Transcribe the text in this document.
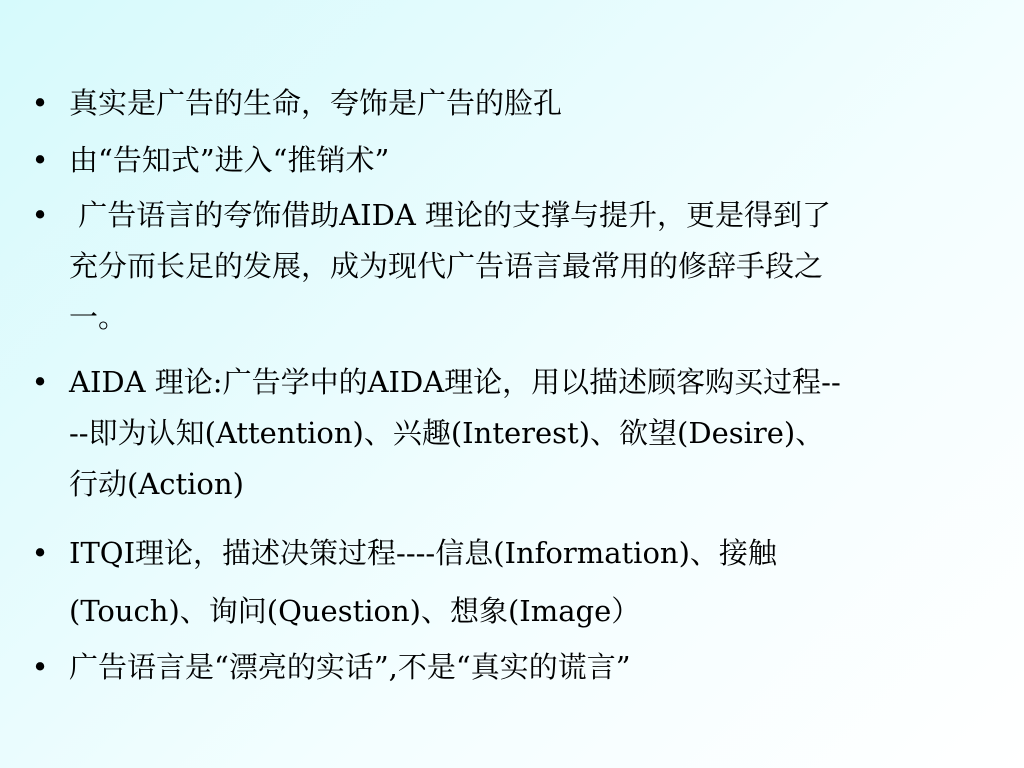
• 真实是广告的生命，夸饰是广告的脸孔
• 由“告知式”进入“推销术”
• 广告语言的夸饰借助AIDA 理论的支撑与提升，更是得到了
充分而长足的发展，成为现代广告语言最常用的修辞手段之
一。
• AIDA 理论:广告学中的AIDA理论，用以描述顾客购买过程--
--即为认知(Attention)、兴趣(Interest)、欲望(Desire)、
行动(Action)
• ITQI理论，描述决策过程----信息(Information)、接触
(Touch)、询问(Question)、想象(Image）
• 广告语言是“漂亮的实话”,不是“真实的谎言”
